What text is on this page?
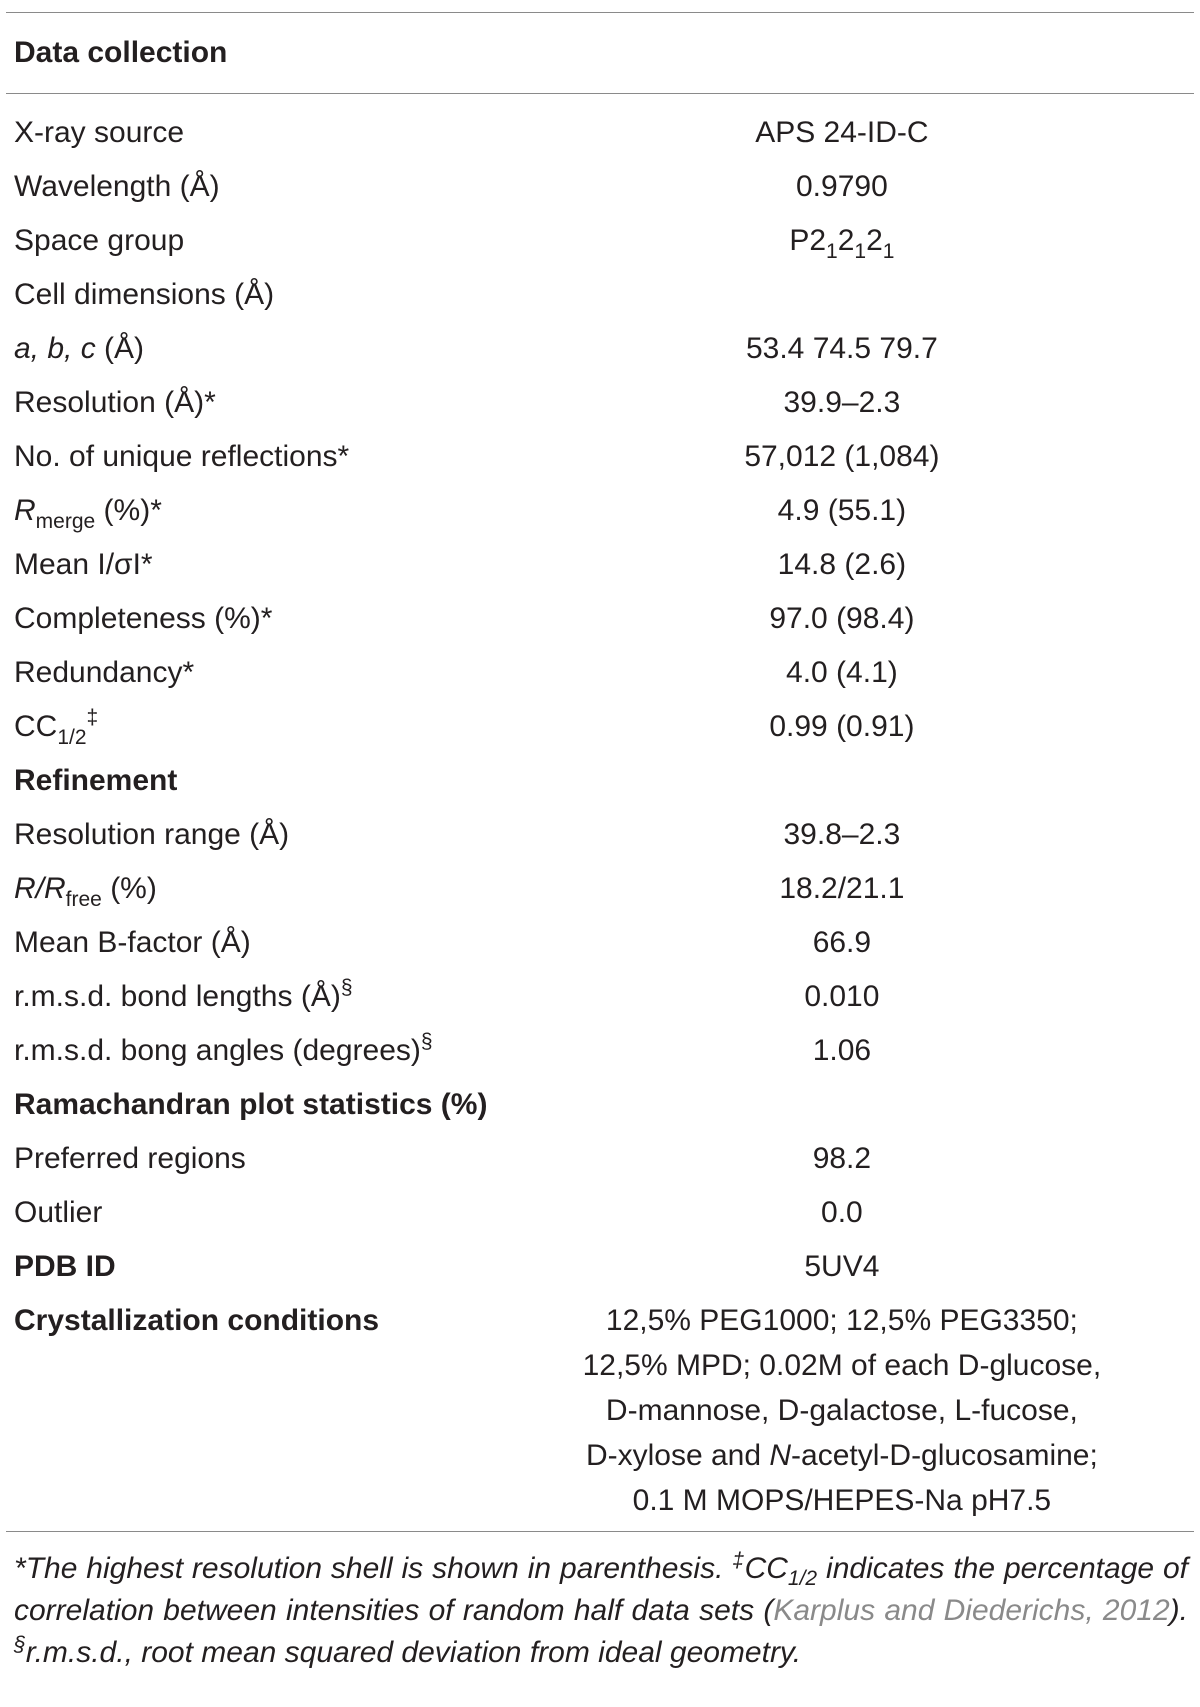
Data collection
X-ray source	APS 24-ID-C
Wavelength (Å)	0.9790
Space group	$P2_12_12_1$
Cell dimensions (Å)	
a, b, c (Å)	53.4 74.5 79.7
Resolution (Å)*	39.9–2.3
No. of unique reflections*	57,012 (1,084)
$R_{merge}$ (%)*	4.9 (55.1)
Mean I/σI*	14.8 (2.6)
Completeness (%)*	97.0 (98.4)
Redundancy*	4.0 (4.1)
$CC_{1/2}^\ddagger$	0.99 (0.91)
Refinement	
Resolution range (Å)	39.8–2.3
$R/R_{free}$ (%)	18.2/21.1
Mean B-factor (Å)	66.9
r.m.s.d. bond lengths (Å)§	0.010
r.m.s.d. bong angles (degrees)§	1.06
Ramachandran plot statistics (%)	
Preferred regions	98.2
Outlier	0.0
PDB ID	5UV4
Crystallization conditions	12,5% PEG1000; 12,5% PEG3350;
12,5% MPD; 0.02M of each D-glucose,
D-mannose, D-galactose, L-fucose,
D-xylose and N-acetyl-D-glucosamine;
0.1 M MOPS/HEPES-Na pH7.5
*The highest resolution shell is shown in parenthesis. $^\ddagger CC_{1/2}$ indicates the percentage of correlation between intensities of random half data sets (Karplus and Diederichs, 2012). §r.m.s.d., root mean squared deviation from ideal geometry.
